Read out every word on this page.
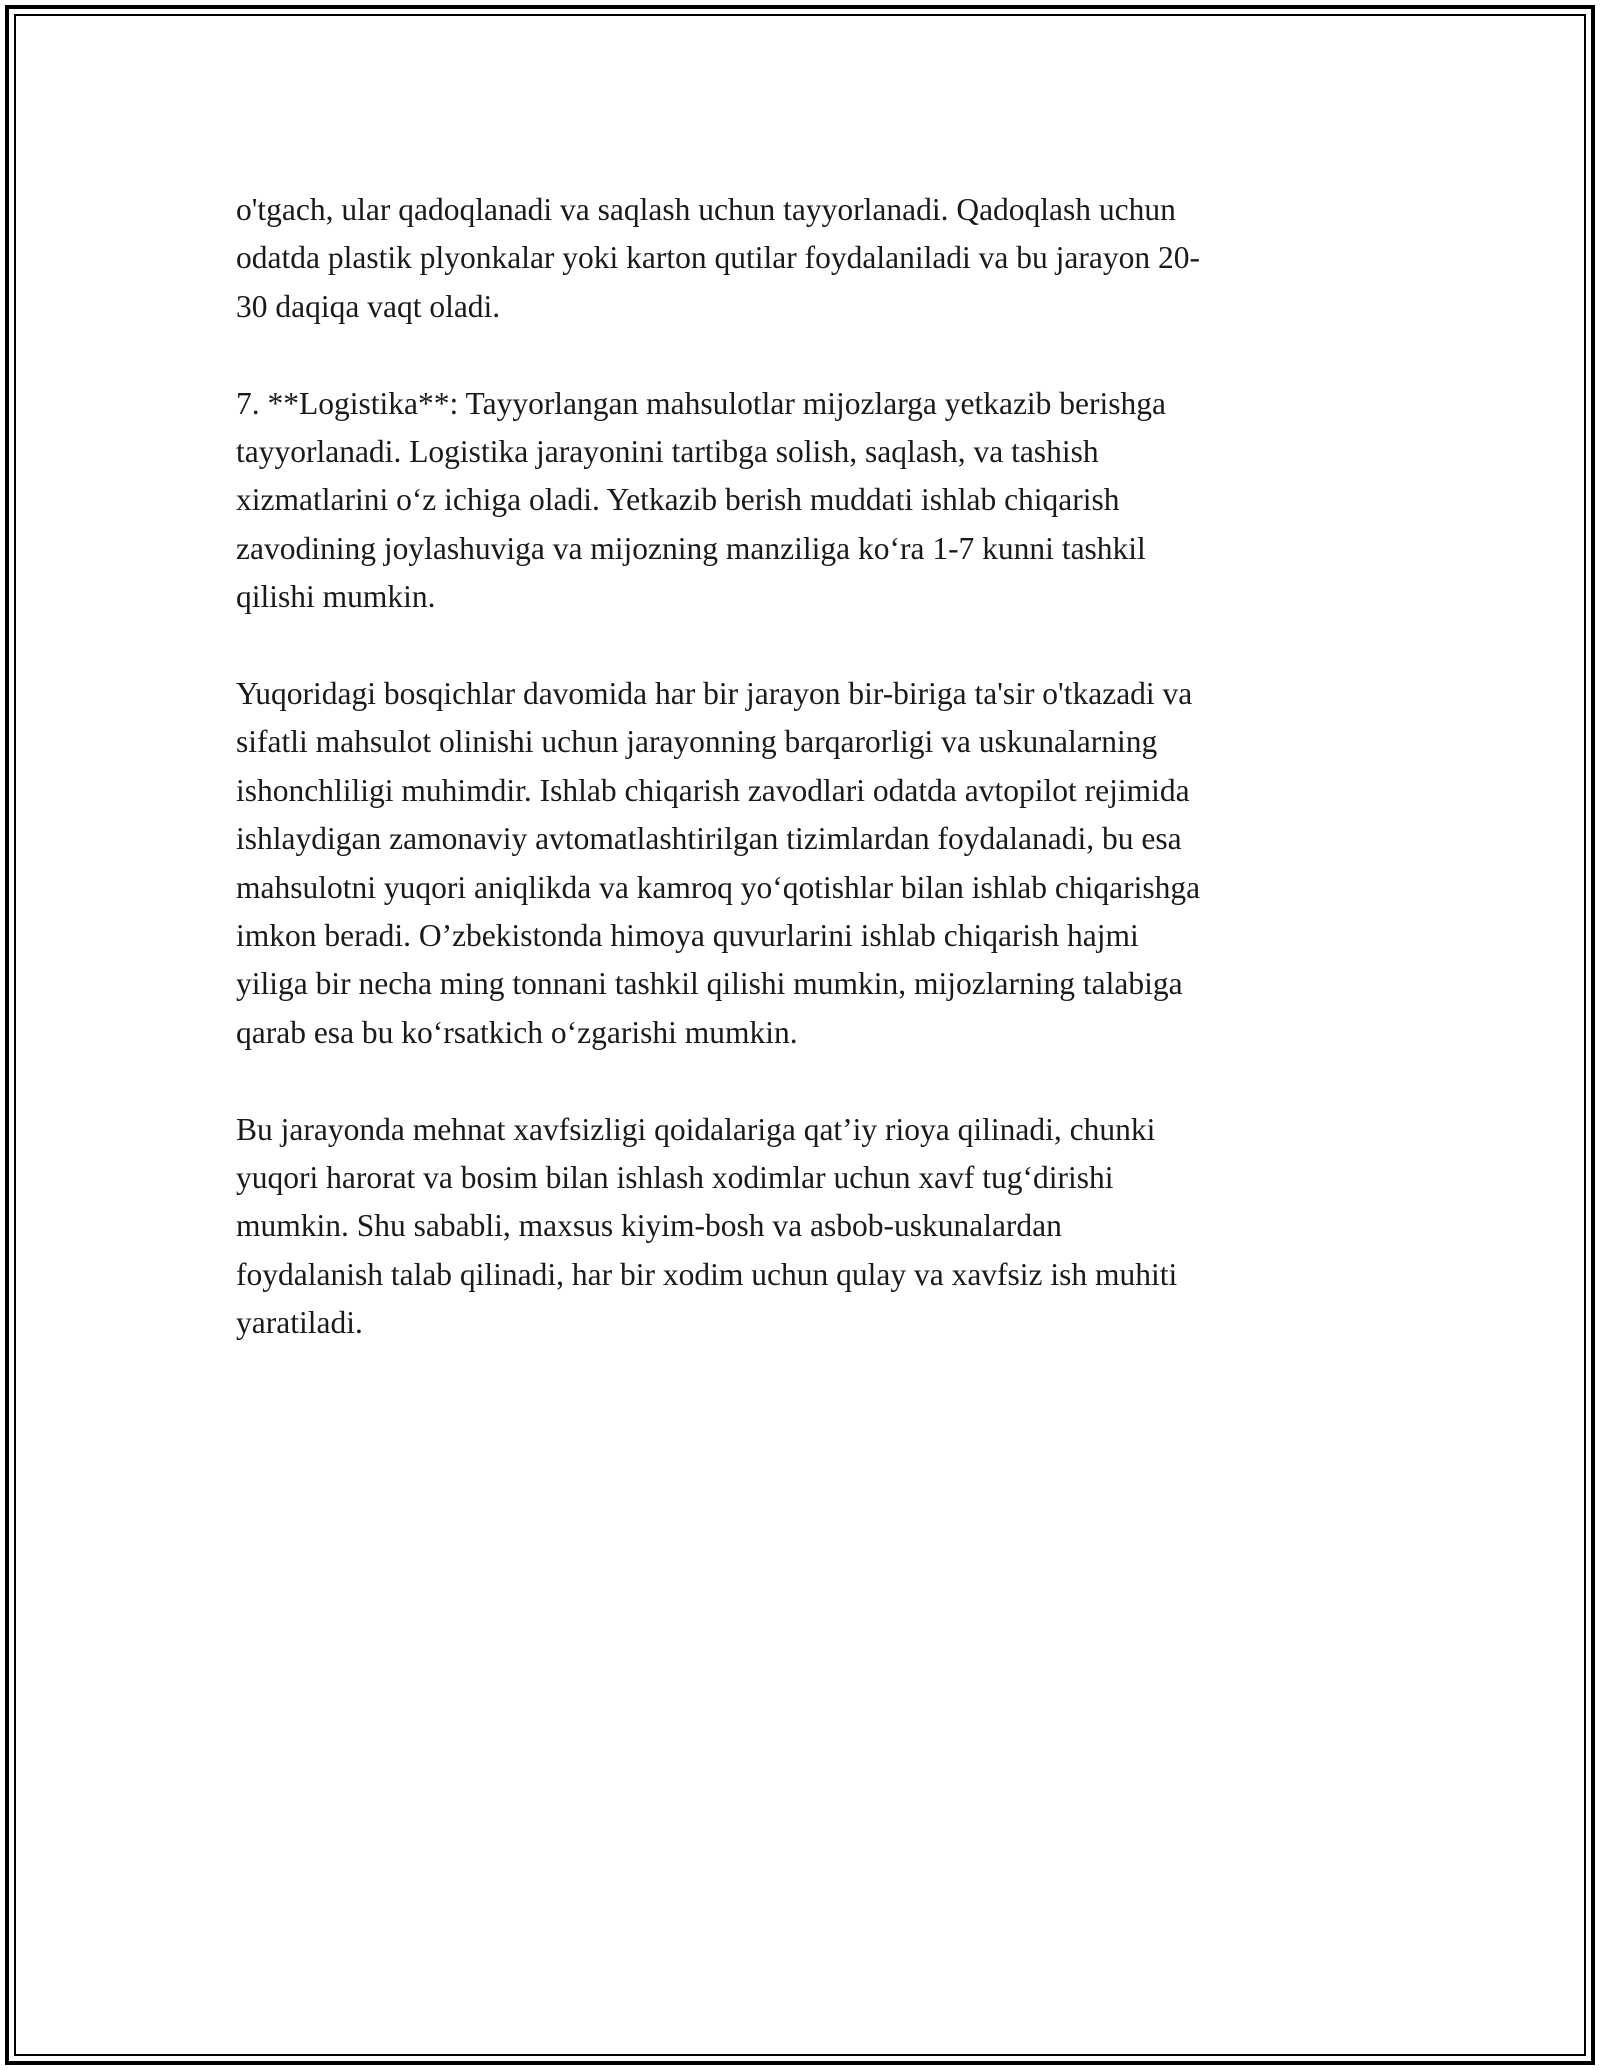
o'tgach, ular qadoqlanadi va saqlash uchun tayyorlanadi. Qadoqlash uchun
odatda plastik plyonkalar yoki karton qutilar foydalaniladi va bu jarayon 20-
30 daqiqa vaqt oladi.

7. **Logistika**: Tayyorlangan mahsulotlar mijozlarga yetkazib berishga
tayyorlanadi. Logistika jarayonini tartibga solish, saqlash, va tashish
xizmatlarini o‘z ichiga oladi. Yetkazib berish muddati ishlab chiqarish
zavodining joylashuviga va mijozning manziliga ko‘ra 1-7 kunni tashkil
qilishi mumkin.

Yuqoridagi bosqichlar davomida har bir jarayon bir-biriga ta'sir o'tkazadi va
sifatli mahsulot olinishi uchun jarayonning barqarorligi va uskunalarning
ishonchliligi muhimdir. Ishlab chiqarish zavodlari odatda avtopilot rejimida
ishlaydigan zamonaviy avtomatlashtirilgan tizimlardan foydalanadi, bu esa
mahsulotni yuqori aniqlikda va kamroq yo‘qotishlar bilan ishlab chiqarishga
imkon beradi. O’zbekistonda himoya quvurlarini ishlab chiqarish hajmi
yiliga bir necha ming tonnani tashkil qilishi mumkin, mijozlarning talabiga
qarab esa bu ko‘rsatkich o‘zgarishi mumkin.

Bu jarayonda mehnat xavfsizligi qoidalariga qat’iy rioya qilinadi, chunki
yuqori harorat va bosim bilan ishlash xodimlar uchun xavf tug‘dirishi
mumkin. Shu sababli, maxsus kiyim-bosh va asbob-uskunalardan
foydalanish talab qilinadi, har bir xodim uchun qulay va xavfsiz ish muhiti
yaratiladi.
